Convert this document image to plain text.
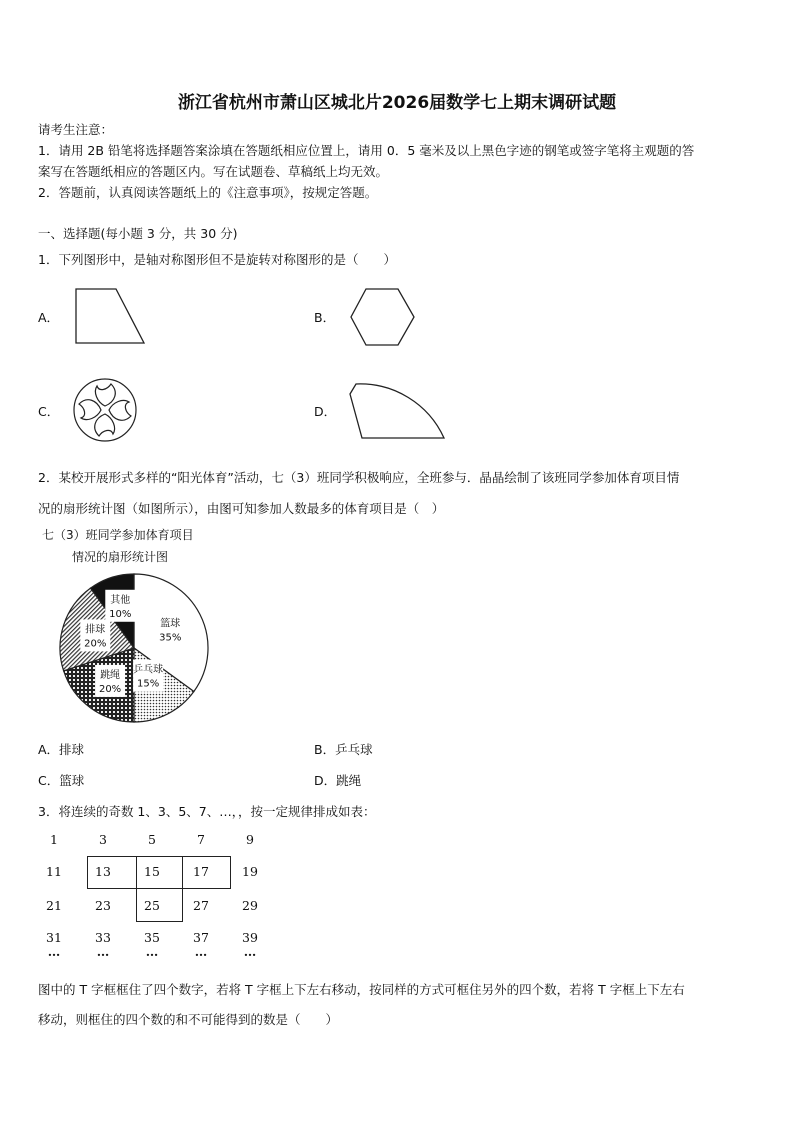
浙江省杭州市萧山区城北片2026届数学七上期末调研试题
请考生注意：
1．请用 2B 铅笔将选择题答案涂填在答题纸相应位置上，请用 0．5 毫米及以上黑色字迹的钢笔或签字笔将主观题的答
案写在答题纸相应的答题区内。写在试题卷、草稿纸上均无效。
2．答题前，认真阅读答题纸上的《注意事项》，按规定答题。
一、选择题(每小题 3 分，共 30 分)
1．下列图形中，是轴对称图形但不是旋转对称图形的是（　　）
A．	B．
C．	D．
2．某校开展形式多样的“阳光体育”活动，七（3）班同学积极响应，全班参与．晶晶绘制了该班同学参加体育项目情
况的扇形统计图（如图所示），由图可知参加人数最多的体育项目是（　）
七（3）班同学参加体育项目
情况的扇形统计图
篮球
35%
乒乓球
15%
跳绳
20%
排球
20%
其他
10%
A．排球	B．乒乓球
C．篮球	D．跳绳
3．将连续的奇数 1、3、5、7、…，，按一定规律排成如表：
1	3	5	7	9
11	13	15	17	19
21	23	25	27	29
31	33	35	37	39
…	…	…	…	…
图中的 T 字框框住了四个数字，若将 T 字框上下左右移动，按同样的方式可框住另外的四个数，若将 T 字框上下左右
移动，则框住的四个数的和不可能得到的数是（　　）
